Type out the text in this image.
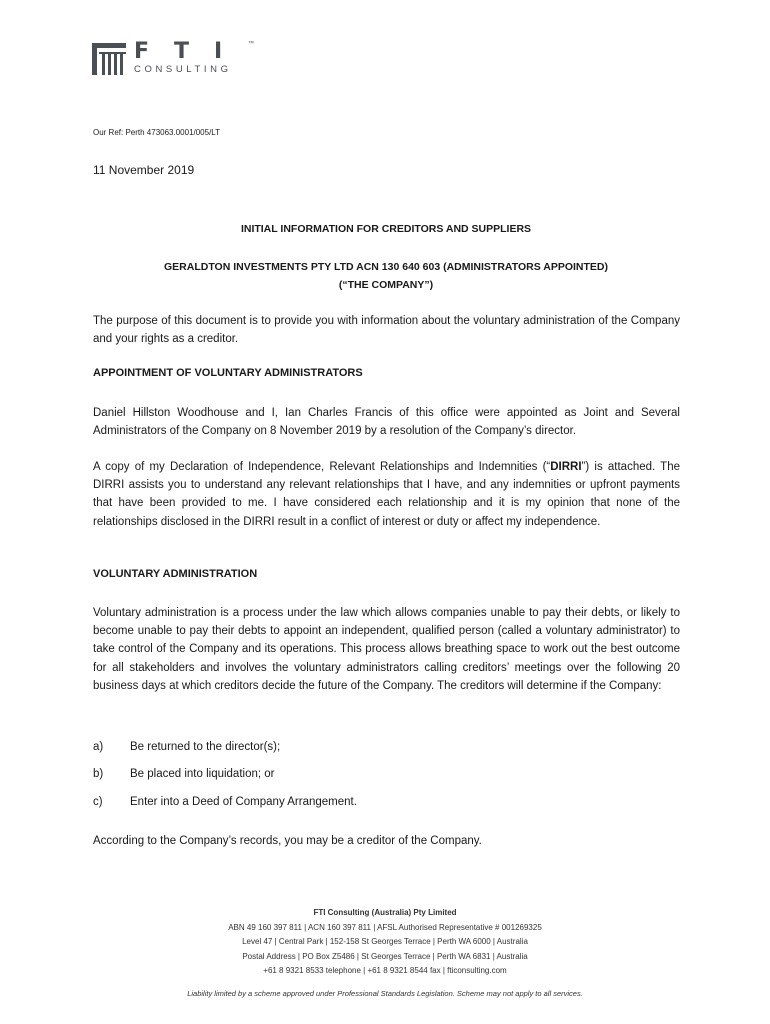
FTI ™
CONSULTING
Our Ref: Perth 473063.0001/005/LT
11 November 2019
INITIAL INFORMATION FOR CREDITORS AND SUPPLIERS
GERALDTON INVESTMENTS PTY LTD ACN 130 640 603 (ADMINISTRATORS APPOINTED)
(“THE COMPANY”)
The purpose of this document is to provide you with information about the voluntary administration of the Company and your rights as a creditor.
APPOINTMENT OF VOLUNTARY ADMINISTRATORS
Daniel Hillston Woodhouse and I, Ian Charles Francis of this office were appointed as Joint and Several Administrators of the Company on 8 November 2019 by a resolution of the Company’s director.
A copy of my Declaration of Independence, Relevant Relationships and Indemnities (“DIRRI”) is attached. The DIRRI assists you to understand any relevant relationships that I have, and any indemnities or upfront payments that have been provided to me. I have considered each relationship and it is my opinion that none of the relationships disclosed in the DIRRI result in a conflict of interest or duty or affect my independence.
VOLUNTARY ADMINISTRATION
Voluntary administration is a process under the law which allows companies unable to pay their debts, or likely to become unable to pay their debts to appoint an independent, qualified person (called a voluntary administrator) to take control of the Company and its operations. This process allows breathing space to work out the best outcome for all stakeholders and involves the voluntary administrators calling creditors’ meetings over the following 20 business days at which creditors decide the future of the Company. The creditors will determine if the Company:
a) Be returned to the director(s);
b) Be placed into liquidation; or
c) Enter into a Deed of Company Arrangement.
According to the Company’s records, you may be a creditor of the Company.
FTI Consulting (Australia) Pty Limited
ABN 49 160 397 811 | ACN 160 397 811 | AFSL Authorised Representative # 001269325
Level 47 | Central Park | 152-158 St Georges Terrace | Perth WA 6000 | Australia
Postal Address | PO Box Z5486 | St Georges Terrace | Perth WA 6831 | Australia
+61 8 9321 8533 telephone | +61 8 9321 8544 fax | fticonsulting.com
Liability limited by a scheme approved under Professional Standards Legislation. Scheme may not apply to all services.
